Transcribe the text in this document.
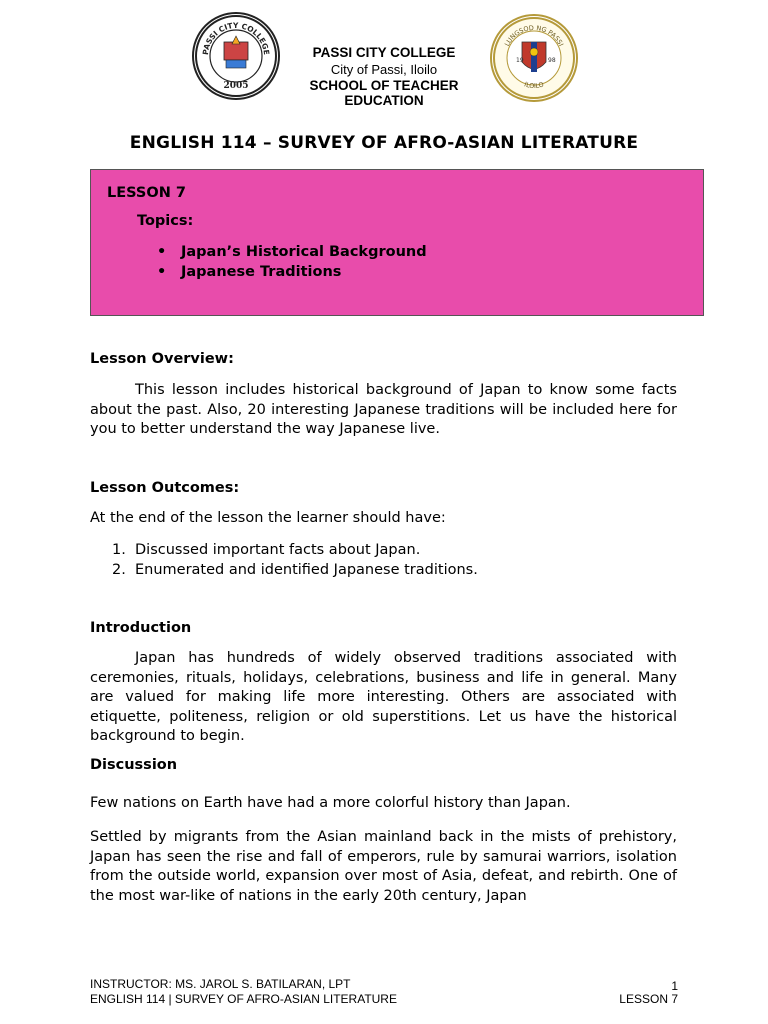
PASSI CITY COLLEGE
2005
LUNGSOD NG PASSI
ILOILO
19	98
PASSI CITY COLLEGE
City of Passi, Iloilo
SCHOOL OF TEACHER EDUCATION
ENGLISH 114 – SURVEY OF AFRO-ASIAN LITERATURE
LESSON 7
Topics:
• Japan’s Historical Background
• Japanese Traditions
Lesson Overview:

This lesson includes historical background of Japan to know some facts about the past. Also, 20 interesting Japanese traditions will be included here for you to better understand the way Japanese live.

Lesson Outcomes:
At the end of the lesson the learner should have:
1. Discussed important facts about Japan.
2. Enumerated and identified Japanese traditions.
Introduction

Japan has hundreds of widely observed traditions associated with ceremonies, rituals, holidays, celebrations, business and life in general. Many are valued for making life more interesting. Others are associated with etiquette, politeness, religion or old superstitions. Let us have the historical background to begin.

Discussion

Few nations on Earth have had a more colorful history than Japan.

Settled by migrants from the Asian mainland back in the mists of prehistory, Japan has seen the rise and fall of emperors, rule by samurai warriors, isolation from the outside world, expansion over most of Asia, defeat, and rebirth. One of the most war-like of nations in the early 20th century, Japan

INSTRUCTOR: MS. JAROL S. BATILARAN, LPT
ENGLISH 114 | SURVEY OF AFRO-ASIAN LITERATURE
1
LESSON 7
